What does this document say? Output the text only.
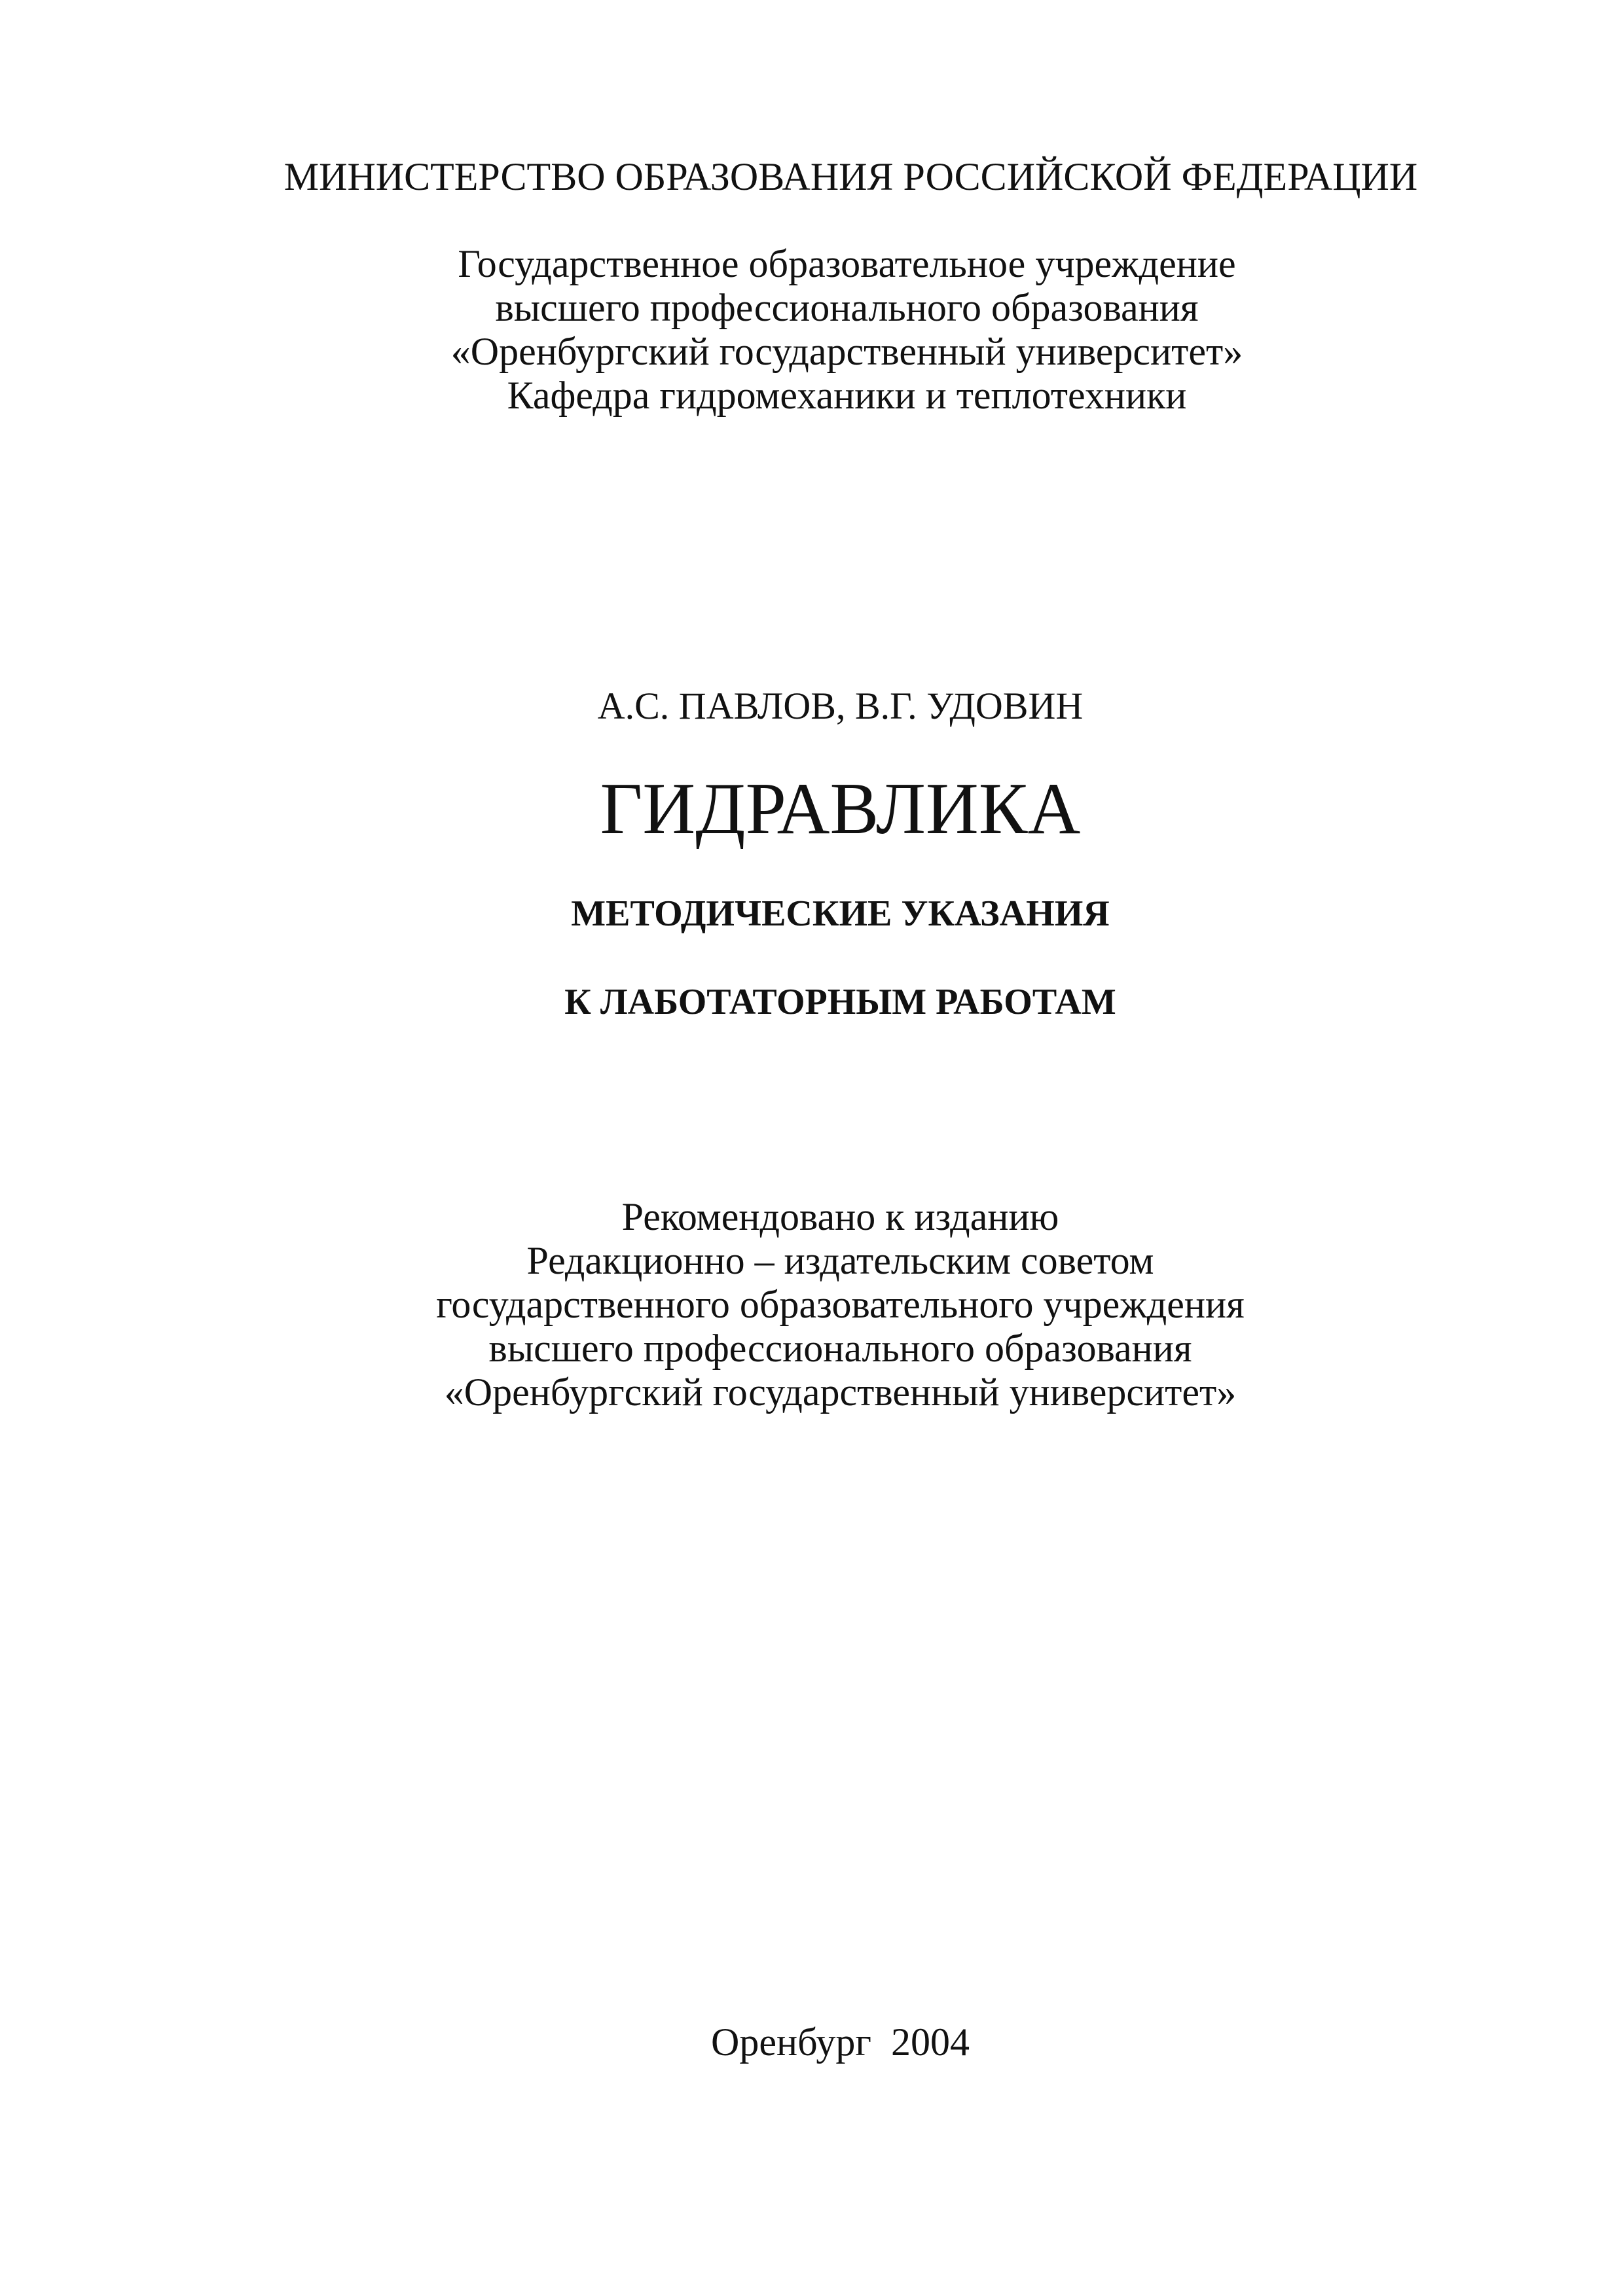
МИНИСТЕРСТВО ОБРАЗОВАНИЯ РОССИЙСКОЙ ФЕДЕРАЦИИ
Государственное образовательное учреждение
высшего профессионального образования
«Оренбургский государственный университет»
Кафедра гидромеханики и теплотехники
А.С. ПАВЛОВ, В.Г. УДОВИН
ГИДРАВЛИКА
МЕТОДИЧЕСКИЕ УКАЗАНИЯ
К ЛАБОТАТОРНЫМ РАБОТАМ
Рекомендовано к изданию
Редакционно – издательским советом
государственного образовательного учреждения
высшего профессионального образования
«Оренбургский государственный университет»
Оренбург  2004
